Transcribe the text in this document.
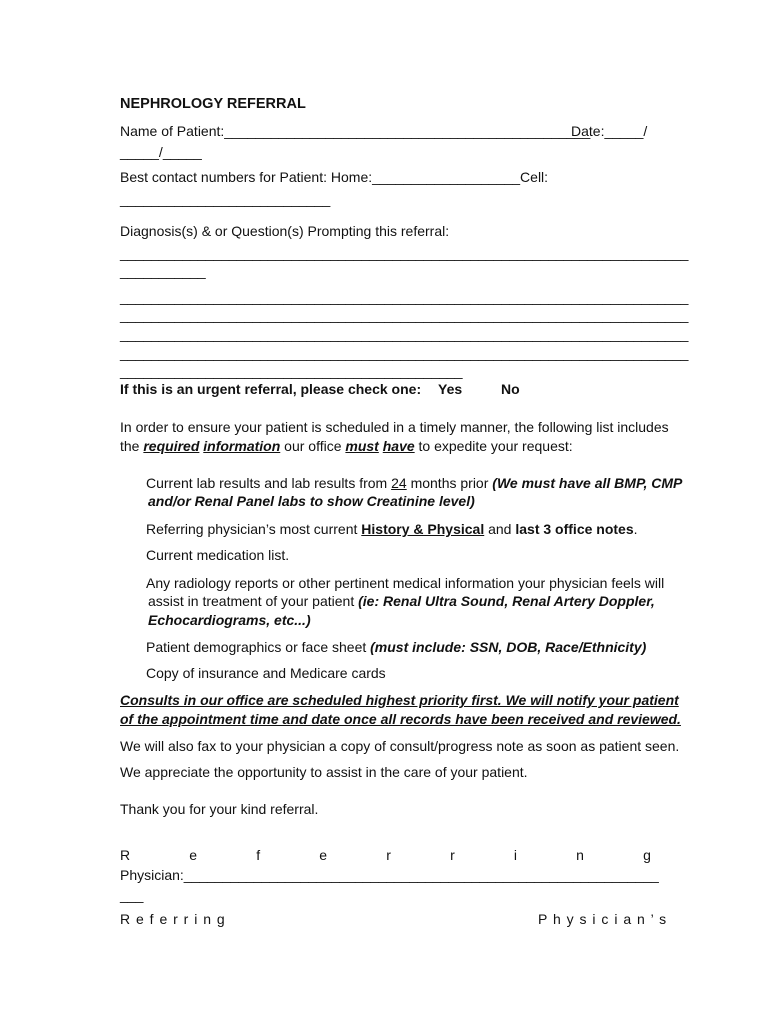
NEPHROLOGY REFERRAL
Name of Patient:_______________________________________________
Date:_____/
_____/_____
Best contact numbers for Patient: Home:___________________Cell:
___________________________
Diagnosis(s) & or Question(s) Prompting this referral:
_________________________________________________________________________
___________
_________________________________________________________________________
_________________________________________________________________________
_________________________________________________________________________
_________________________________________________________________________
____________________________________________
If this is an urgent referral, please check one: Yes	No
In order to ensure your patient is scheduled in a timely manner, the following list includes
the required information our office must have to expedite your request:
Current lab results and lab results from 24 months prior (We must have all BMP, CMP
and/or Renal Panel labs to show Creatinine level)
Referring physician’s most current History & Physical and last 3 office notes.
Current medication list.
Any radiology reports or other pertinent medical information your physician feels will
assist in treatment of your patient (ie: Renal Ultra Sound, Renal Artery Doppler,
Echocardiograms, etc...)
Patient demographics or face sheet (must include: SSN, DOB, Race/Ethnicity)
Copy of insurance and Medicare cards
Consults in our office are scheduled highest priority first. We will notify your patient
of the appointment time and date once all records have been received and reviewed.
We will also fax to your physician a copy of consult/progress note as soon as patient seen.
We appreciate the opportunity to assist in the care of your patient.
Thank you for your kind referral.
R	e	f	e	r	r	i	n	g
Physician:_____________________________________________________________
___
R e f e r r i n g	P h y s i c i a n ’ s
